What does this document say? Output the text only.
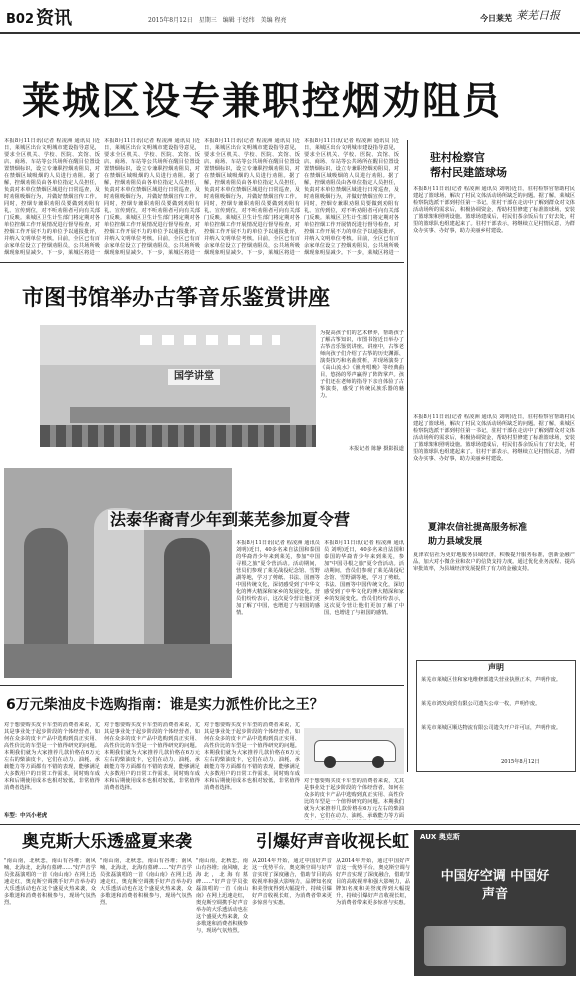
B02 资讯	2015年8月12日　星期三　编辑 于经纬　美编 程亮	今日莱芜 莱芜日报
莱城区设专兼职控烟劝阻员
本报8月11日讯(记者 程凌洲 通讯员 )近日，莱城区出台文明城市建设指导意见，要求全区机关、学校、医院、宾馆、饭店、商场、车站等公共场所在醒目位置设置禁烟标识，设立专兼职控烟劝阻员，对在禁烟区域吸烟的人员进行劝阻。据了解，控烟劝阻员由各单位指定人员担任，负责对本单位禁烟区域进行日常巡查，及时劝阻吸烟行为，并做好禁烟宣传工作。同时，控烟专兼职劝阻员要做到劝阻有礼、宣传到位，对不听劝阻者可向有关部门反映。莱城区卫生计生部门将定期对各单位控烟工作开展情况进行督导检查，对控烟工作开展不力的单位予以通报批评，并纳入文明单位考核。目前，全区已有百余家单位设立了控烟劝阻员，公共场所吸烟现象明显减少。下一步，莱城区将进一
本报8月11日讯(记者 程凌洲 通讯员 )近日，莱城区出台文明城市建设指导意见，要求全区机关、学校、医院、宾馆、饭店、商场、车站等公共场所在醒目位置设置禁烟标识，设立专兼职控烟劝阻员，对在禁烟区域吸烟的人员进行劝阻。据了解，控烟劝阻员由各单位指定人员担任，负责对本单位禁烟区域进行日常巡查，及时劝阻吸烟行为，并做好禁烟宣传工作。同时，控烟专兼职劝阻员要做到劝阻有礼、宣传到位，对不听劝阻者可向有关部门反映。莱城区卫生计生部门将定期对各单位控烟工作开展情况进行督导检查，对控烟工作开展不力的单位予以通报批评，并纳入文明单位考核。目前，全区已有百余家单位设立了控烟劝阻员，公共场所吸烟现象明显减少。下一步，莱城区将进一
本报8月11日讯(记者 程凌洲 通讯员 )近日，莱城区出台文明城市建设指导意见，要求全区机关、学校、医院、宾馆、饭店、商场、车站等公共场所在醒目位置设置禁烟标识，设立专兼职控烟劝阻员，对在禁烟区域吸烟的人员进行劝阻。据了解，控烟劝阻员由各单位指定人员担任，负责对本单位禁烟区域进行日常巡查，及时劝阻吸烟行为，并做好禁烟宣传工作。同时，控烟专兼职劝阻员要做到劝阻有礼、宣传到位，对不听劝阻者可向有关部门反映。莱城区卫生计生部门将定期对各单位控烟工作开展情况进行督导检查，对控烟工作开展不力的单位予以通报批评，并纳入文明单位考核。目前，全区已有百余家单位设立了控烟劝阻员，公共场所吸烟现象明显减少。下一步，莱城区将进一
本报8月11日讯(记者 程凌洲 通讯员 )近日，莱城区出台文明城市建设指导意见，要求全区机关、学校、医院、宾馆、饭店、商场、车站等公共场所在醒目位置设置禁烟标识，设立专兼职控烟劝阻员，对在禁烟区域吸烟的人员进行劝阻。据了解，控烟劝阻员由各单位指定人员担任，负责对本单位禁烟区域进行日常巡查，及时劝阻吸烟行为，并做好禁烟宣传工作。同时，控烟专兼职劝阻员要做到劝阻有礼、宣传到位，对不听劝阻者可向有关部门反映。莱城区卫生计生部门将定期对各单位控烟工作开展情况进行督导检查，对控烟工作开展不力的单位予以通报批评，并纳入文明单位考核。目前，全区已有百余家单位设立了控烟劝阻员，公共场所吸烟现象明显减少。下一步，莱城区将进一
驻村检察官
帮村民建篮球场
本报8月11日讯(记者 程凌洲 通讯员 刘明)近日，驻村检察官帮助村民建起了篮球场，解决了村民文体活动场所缺乏的问题。据了解，莱城区检察院选派干部到村任第一书记，驻村干部在走访中了解到群众对文体活动场所的需求后，积极协调资金，帮助村里修建了标准篮球场，安装了篮球架和照明设施。篮球场建成后，村民们茶余饭后有了好去处，村里的篮球队也组建起来了。驻村干部表示，将继续立足村情民意，为群众办实事、办好事，助力美丽乡村建设。
本报8月11日讯(记者 程凌洲 通讯员 刘明)近日，驻村检察官帮助村民建起了篮球场，解决了村民文体活动场所缺乏的问题。据了解，莱城区检察院选派干部到村任第一书记，驻村干部在走访中了解到群众对文体活动场所的需求后，积极协调资金，帮助村里修建了标准篮球场，安装了篮球架和照明设施。篮球场建成后，村民们茶余饭后有了好去处，村里的篮球队也组建起来了。驻村干部表示，将继续立足村情民意，为群众办实事、办好事，助力美丽乡村建设。
夏津农信社提高服务标准
助力县域发展
夏津农信社为更好地服务县域经济，积极提升服务标准，创新金融产品，加大对小微企业和农户的信贷支持力度。通过优化业务流程、提高审批效率，为县域经济发展提供了有力的金融支持。
声明
莱芜市莱城区佳和家电维修部遗失营业执照正本，声明作废。
莱芜市鸿发商贸有限公司遗失公章一枚，声明作废。
莱芜市莱城区顺达物流有限公司遗失开户许可证，声明作废。
2015年8月12日
市图书馆举办古筝音乐鉴赏讲座
国学讲堂
为提高孩子们的艺术修养，帮助孩子了解古筝知识，市图书馆近日举办了古筝音乐鉴赏讲座。讲座中，古筝老师向孩子们介绍了古筝的历史渊源、演奏技巧和名曲赏析，并现场演奏了《高山流水》《渔舟唱晚》等经典曲目，悠扬的琴声赢得了阵阵掌声。孩子们还在老师的指导下亲自体验了古筝演奏，感受了传统民族乐器的魅力。
本报记者 陈静 摄影报道
法泰华裔青少年到莱芜参加夏令营
本报8月11日讯(记者 程凌洲 通讯员 刘明)近日，40多名来自法国和泰国的华裔青少年来到莱芜，参加"中国寻根之旅"夏令营活动。活动期间，营员们参观了莱芜战役纪念馆、雪野湖等地，学习了剪纸、书法、国画等中国传统文化，深切感受到了中华文化的博大精深和家乡的发展变化。营员们纷纷表示，这次夏令营让他们更加了解了中国，也增进了与祖国的感情。
本报8月11日讯(记者 程凌洲 通讯员 刘明)近日，40多名来自法国和泰国的华裔青少年来到莱芜，参加"中国寻根之旅"夏令营活动。活动期间，营员们参观了莱芜战役纪念馆、雪野湖等地，学习了剪纸、书法、国画等中国传统文化，深切感受到了中华文化的博大精深和家乡的发展变化。营员们纷纷表示，这次夏令营让他们更加了解了中国，也增进了与祖国的感情。
6万元柴油皮卡选购指南：谁是实力派性价比之王？
对于想要购买皮卡车型的消费者来说，尤其是事业处于起步阶段的个体经营者，如何在众多的皮卡产品中选购到真正实用、高性价比的车型是一个值得研究的问题。本期我们就为大家推荐几款价格在6万元左右的柴油皮卡，它们在动力、油耗、承载能力等方面都有不错的表现，能够满足大多数用户的日常工作需求，同时购车成本和后期使用成本也相对较低，非常值得消费者选择。
车型：中兴小老虎
对于想要购买皮卡车型的消费者来说，尤其是事业处于起步阶段的个体经营者，如何在众多的皮卡产品中选购到真正实用、高性价比的车型是一个值得研究的问题。本期我们就为大家推荐几款价格在6万元左右的柴油皮卡，它们在动力、油耗、承载能力等方面都有不错的表现，能够满足大多数用户的日常工作需求，同时购车成本和后期使用成本也相对较低，非常值得消费者选择。
对于想要购买皮卡车型的消费者来说，尤其是事业处于起步阶段的个体经营者，如何在众多的皮卡产品中选购到真正实用、高性价比的车型是一个值得研究的问题。本期我们就为大家推荐几款价格在6万元左右的柴油皮卡，它们在动力、油耗、承载能力等方面都有不错的表现，能够满足大多数用户的日常工作需求，同时购车成本和后期使用成本也相对较低，非常值得消费者选择。
对于想要购买皮卡车型的消费者来说，尤其是事业处于起步阶段的个体经营者，如何在众多的皮卡产品中选购到真正实用、高性价比的车型是一个值得研究的问题。本期我们就为大家推荐几款价格在6万元左右的柴油皮卡，它们在动力、油耗、承载能力等方面
奥克斯大乐透盛夏来袭
"南山南，北秋悲，南山有谷堆；南风喃，北海北，北海有墓碑……"好声音学员张磊演唱的一首《南山南》在网上迅速走红，奥克斯空调携手好声音举办的大乐透活动也在这个盛夏火热来袭，众多歌迷和消费者积极参与，现场气氛热烈。
"南山南，北秋悲，南山有谷堆；南风喃，北海北，北海有墓碑……"好声音学员张磊演唱的一首《南山南》在网上迅速走红，奥克斯空调携手好声音举办的大乐透活动也在这个盛夏火热来袭，众多歌迷和消费者积极参与，现场气氛热烈。
"南山南，北秋悲，南山有谷堆；南风喃，北海北，北海有墓碑……"好声音学员张磊演唱的一首《南山南》在网上迅速走红，奥克斯空调携手好声音举办的大乐透活动也在这个盛夏火热来袭，众多歌迷和消费者积极参与，现场气氛热烈。
引爆好声音收视长虹
从2014年开始，通过中国好声音这一优势平台，奥克斯空调与好声音实现了深度融合，借助节目的高收视率和强大影响力，品牌知名度和美誉度得到大幅提升，持续引爆好声音收视长虹，为消费者带来更多惊喜与实惠。
从2014年开始，通过中国好声音这一优势平台，奥克斯空调与好声音实现了深度融合，借助节目的高收视率和强大影响力，品牌知名度和美誉度得到大幅提升，持续引爆好声音收视长虹，为消费者带来更多惊喜与实惠。
AUX 奥克斯
中国好空调 中国好声音
